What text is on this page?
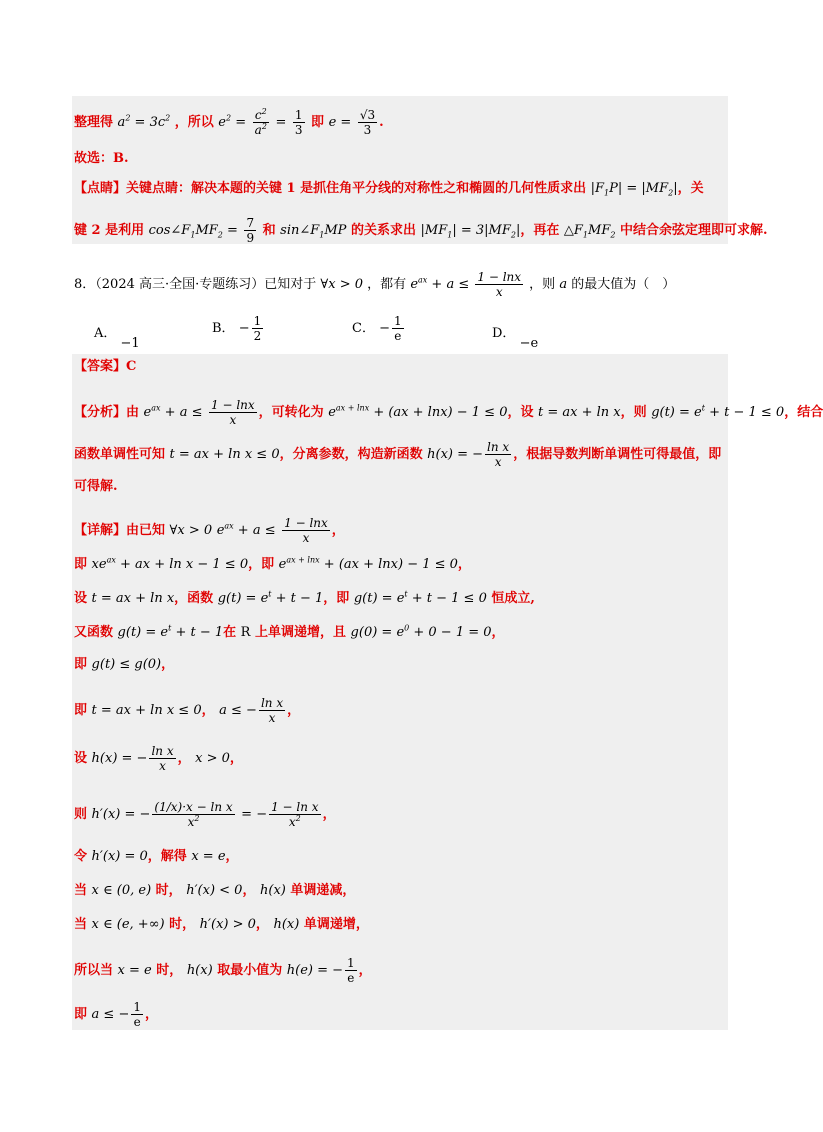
整理得 $a^2 = 3c^2$ ，所以 $e^2 = \frac{c^2}{a^2} = \frac{1}{3}$ 即 $e = \frac{√3}{3}$ .
故选：B.
【点睛】关键点睛：解决本题的关键 1 是抓住角平分线的对称性之和椭圆的几何性质求出 $|F_1P| = |MF_2|$，关
键 2 是利用 $\cos\angle F_1MF_2 = \frac{7}{9}$ 和 $\sin\angle F_1MP$ 的关系求出 $|MF_1| = 3|MF_2|$，再在 $\triangle F_1MF_2$ 中结合余弦定理即可求解.
8．（2024 高三·全国·专题练习）已知对于 ∀x > 0 ，都有 $e^{ax} + a \le \frac{1 - \ln x}{x}$ ，则 a 的最大值为（　）
A． −1
B． − $\frac{1}{2}$	C． − $\frac{1}{e}$	D． −e
【答案】C
【分析】由 $e^{ax} + a \le \frac{1 - \ln x}{x}$ ，可转化为 $e^{ax + lnx} + (ax + \ln x) - 1 \le 0$，设 t = ax + ln x，则 $g(t) = e^t + t - 1 \le 0$，结合
函数单调性可知 t = ax + ln x ≤ 0，分离参数，构造新函数 h(x) = − $\frac{\text{ln x}}{x}$ ，根据导数判断单调性可得最值，即
可得解.
【详解】由已知 ∀x > 0 $e^{ax} + a \le \frac{1 - \ln x}{x}$ ，
即 $xe^{ax}$ + ax + ln x − 1 ≤ 0，即 $e^{ax + lnx} + (ax + \ln x) - 1 \le 0$，
设 t = ax + ln x，函数 $g(t) = e^t + t - 1$，即 $g(t) = e^t + t - 1 \le 0$ 恒成立,
又函数 $g(t) = e^t + t - 1$在 R 上单调递增，且 $g(0) = e^0 + 0 - 1 = 0$，
即 g(t) ≤ g(0)，
即 t = ax + ln x ≤ 0， a ≤ − $\frac{\text{ln x}}{x}$ ，
设 h(x) = − $\frac{\text{ln x}}{x}$ ， x > 0，
则 h′(x) = − $\frac{\text{(1/x)·x − ln x}}{x^2}$ = − $\frac{\text{1 − ln x}}{x^2}$ ，
令 h′(x) = 0，解得 x = e，
当 x ∈ (0, e) 时， h′(x) < 0， h(x) 单调递减，
当 x ∈ (e, +∞) 时， h′(x) > 0， h(x) 单调递增，
所以当 x = e 时， h(x) 取最小值为 h(e) = − $\frac{1}{e}$ ，
即 a ≤ − $\frac{1}{e}$ ，
